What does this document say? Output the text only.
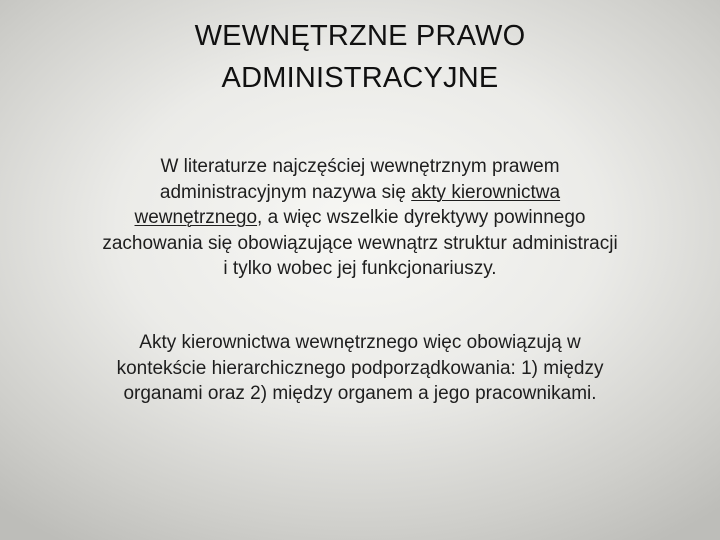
WEWNĘTRZNE PRAWO
ADMINISTRACYJNE
W literaturze najczęściej wewnętrznym prawem
administracyjnym nazywa się akty kierownictwa
wewnętrznego, a więc wszelkie dyrektywy powinnego
zachowania się obowiązujące wewnątrz struktur administracji
i tylko wobec jej funkcjonariuszy.
Akty kierownictwa wewnętrznego więc obowiązują w
kontekście hierarchicznego podporządkowania: 1) między
organami oraz 2) między organem a jego pracownikami.
